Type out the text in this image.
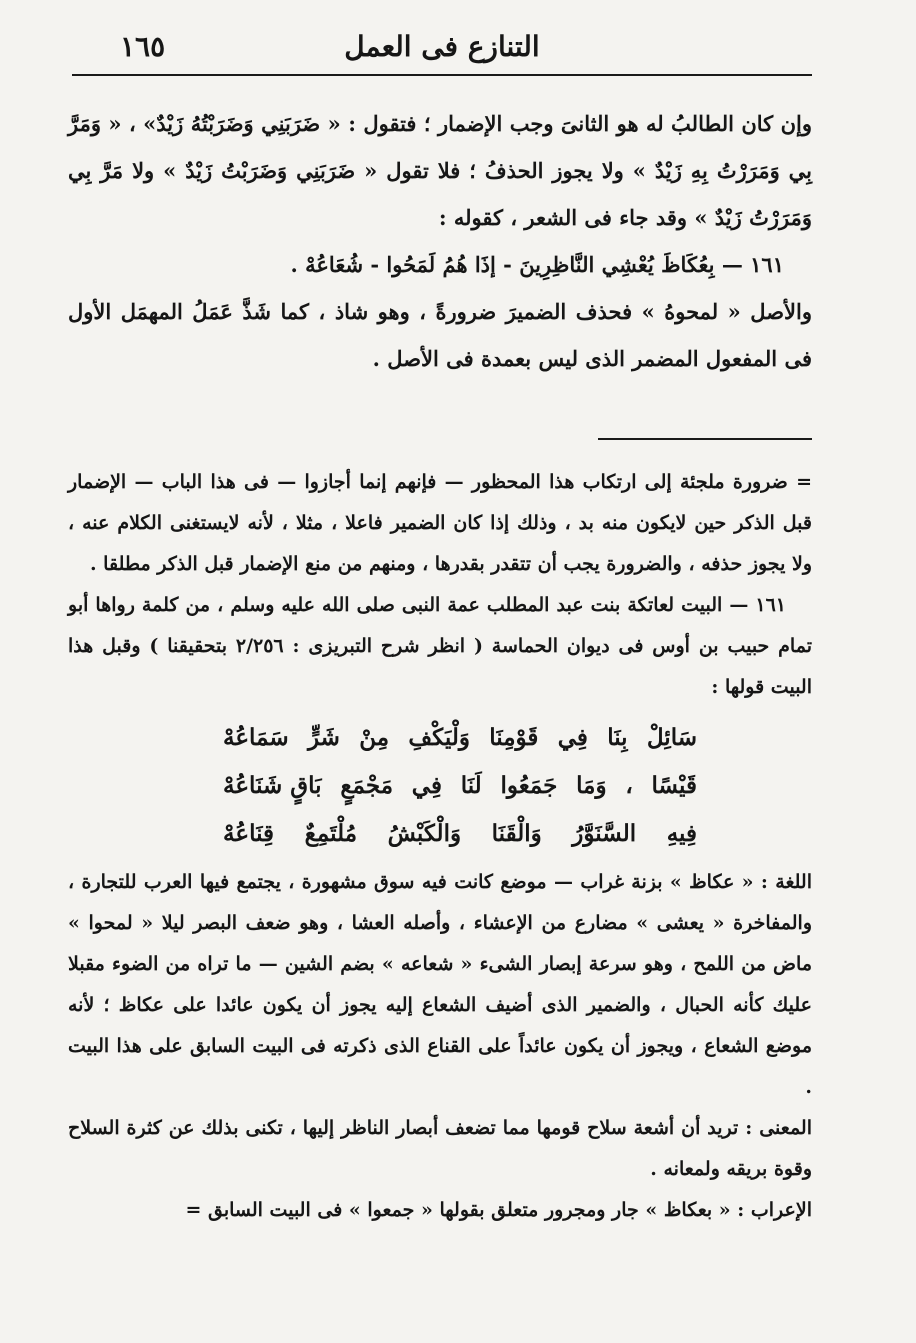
١٦٥	التنازع فى العمل

وإن كان الطالبُ له هو الثانىَ وجب الإضمار ؛ فتقول : « ضَرَبَنِي وَضَرَبْتُهُ زَيْدٌ» ، « وَمَرَّ بِي وَمَرَرْتُ بِهِ زَيْدٌ » ولا يجوز الحذفُ ؛ فلا تقول « ضَرَبَنِي وَضَرَبْتُ زَيْدٌ » ولا مَرَّ بِي وَمَرَرْتُ زَيْدٌ » وقد جاء فى الشعر ، كقوله :

١٦١ — بِعُكَاظَ يُعْشِي النَّاظِرِينَ - إذَا هُمُ لَمَحُوا - شُعَاعُهْ .

والأصل « لمحوهُ » فحذف الضميرَ ضرورةً ، وهو شاذ ، كما شَذَّ عَمَلُ المهمَل الأول فى المفعول المضمر الذى ليس بعمدة فى الأصل .

= ضرورة ملجئة إلى ارتكاب هذا المحظور — فإنهم إنما أجازوا — فى هذا الباب — الإضمار قبل الذكر حين لايكون منه بد ، وذلك إذا كان الضمير فاعلا ، مثلا ، لأنه لايستغنى الكلام عنه ، ولا يجوز حذفه ، والضرورة يجب أن تتقدر بقدرها ، ومنهم من منع الإضمار قبل الذكر مطلقا .

١٦١ — البيت لعاتكة بنت عبد المطلب عمة النبى صلى الله عليه وسلم ، من كلمة رواها أبو تمام حبيب بن أوس فى ديوان الحماسة ( انظر شرح التبريزى : ٢/٢٥٦ بتحقيقنا ) وقبل هذا البيت قولها :

سَائِلْ
بِنَا
فِي
قَوْمِنَا
وَلْيَكْفِ
مِنْ
شَرٍّ
سَمَاعُهْ
قَيْسًا
،
وَمَا
جَمَعُوا
لَنَا
فِي
مَجْمَعٍ
بَاقٍ شَنَاعُهْ
فِيهِ
السَّنَوَّرُ
وَالْقَنَا
وَالْكَبْشُ
مُلْتَمِعٌ
قِنَاعُهْ

اللغة : « عكاظ » بزنة غراب — موضع كانت فيه سوق مشهورة ، يجتمع فيها العرب للتجارة ، والمفاخرة « يعشى » مضارع من الإعشاء ، وأصله العشا ، وهو ضعف البصر ليلا « لمحوا » ماض من اللمح ، وهو سرعة إبصار الشىء « شعاعه » بضم الشين — ما تراه من الضوء مقبلا عليك كأنه الحبال ، والضمير الذى أضيف الشعاع إليه يجوز أن يكون عائدا على عكاظ ؛ لأنه موضع الشعاع ، ويجوز أن يكون عائداً على القناع الذى ذكرته فى البيت السابق على هذا البيت .

المعنى : تريد أن أشعة سلاح قومها مما تضعف أبصار الناظر إليها ، تكنى بذلك عن كثرة السلاح وقوة بريقه ولمعانه .

الإعراب : « بعكاظ » جار ومجرور متعلق بقولها « جمعوا » فى البيت السابق =
